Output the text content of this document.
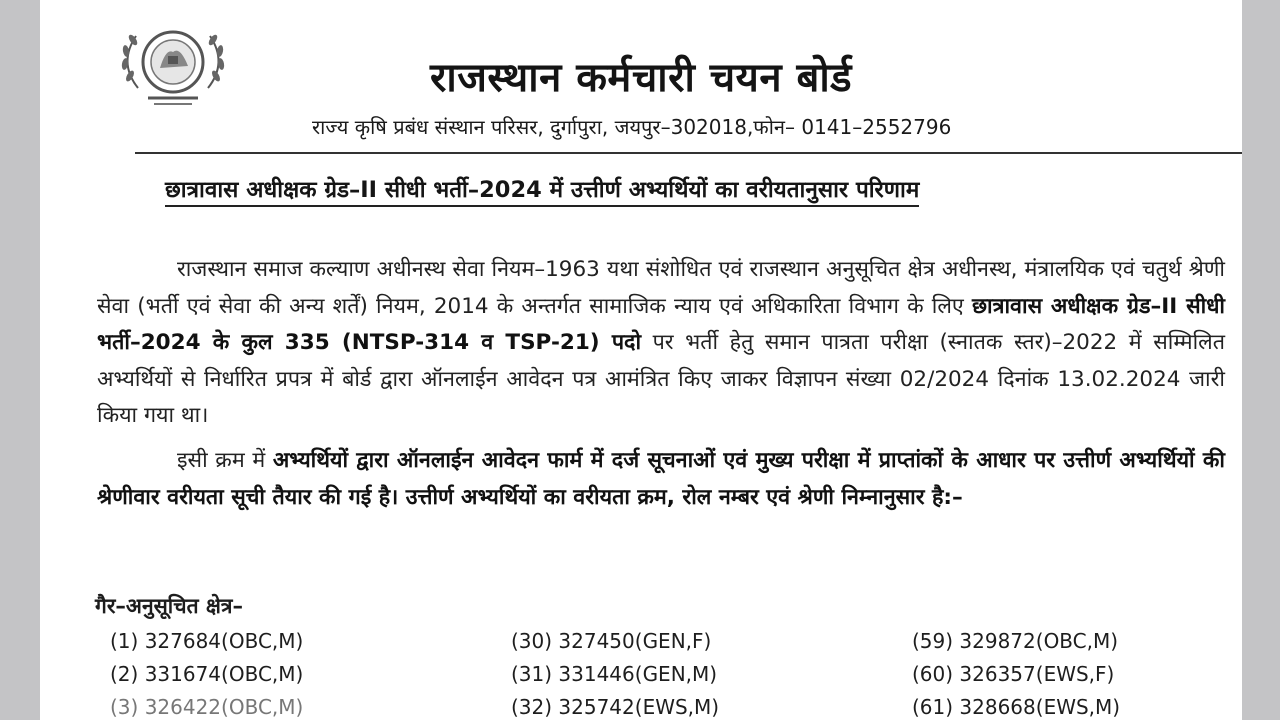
राजस्थान कर्मचारी चयन बोर्ड
राज्य कृषि प्रबंध संस्थान परिसर, दुर्गापुरा, जयपुर–302018,फोन– 0141–2552796
छात्रावास अधीक्षक ग्रेड–II सीधी भर्ती–2024 में उत्तीर्ण अभ्यर्थियों का वरीयतानुसार परिणाम
राजस्थान समाज कल्याण अधीनस्थ सेवा नियम–1963 यथा संशोधित एवं राजस्थान अनुसूचित क्षेत्र अधीनस्थ, मंत्रालयिक एवं चतुर्थ श्रेणी सेवा (भर्ती एवं सेवा की अन्य शर्तें) नियम, 2014 के अन्तर्गत सामाजिक न्याय एवं अधिकारिता विभाग के लिए छात्रावास अधीक्षक ग्रेड–II सीधी भर्ती–2024 के कुल 335 (NTSP-314 व TSP-21) पदो पर भर्ती हेतु समान पात्रता परीक्षा (स्नातक स्तर)–2022 में सम्मिलित अभ्यर्थियों से निर्धारित प्रपत्र में बोर्ड द्वारा ऑनलाईन आवेदन पत्र आमंत्रित किए जाकर विज्ञापन संख्या 02/2024 दिनांक 13.02.2024 जारी किया गया था।
इसी क्रम में अभ्यर्थियों द्वारा ऑनलाईन आवेदन फार्म में दर्ज सूचनाओं एवं मुख्य परीक्षा में प्राप्तांकों के आधार पर उत्तीर्ण अभ्यर्थियों की श्रेणीवार वरीयता सूची तैयार की गई है। उत्तीर्ण अभ्यर्थियों का वरीयता क्रम, रोल नम्बर एवं श्रेणी निम्नानुसार है:–
गैर–अनुसूचित क्षेत्र–
(1) 327684(OBC,M)
(2) 331674(OBC,M)
(3) 326422(OBC,M)
(30) 327450(GEN,F)
(31) 331446(GEN,M)
(32) 325742(EWS,M)
(59) 329872(OBC,M)
(60) 326357(EWS,F)
(61) 328668(EWS,M)
